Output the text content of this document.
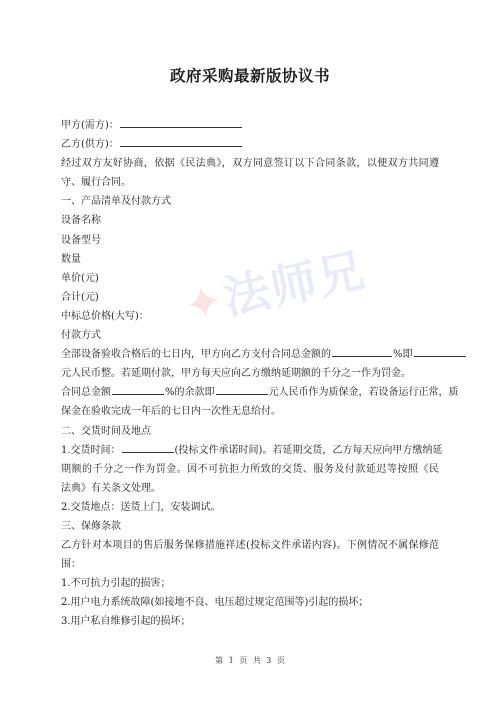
政府采购最新版协议书
甲方(需方)：
乙方(供方)：
经过双方友好协商，依据《民法典》，双方同意签订以下合同条款，以便双方共同遵
守、履行合同。
一、产品清单及付款方式
设备名称
设备型号
数量
单价(元)
合计(元)
中标总价格(大写)：
付款方式
全部设备验收合格后的七日内，甲方向乙方支付合同总金额的	%即
元人民币整。若延期付款，甲方每天应向乙方缴纳延期额的千分之一作为罚金。
合同总金额	%的余款即	元人民币作为质保金，若设备运行正常，质
保金在验收完成一年后的七日内一次性无息给付。
二、交货时间及地点
1.交货时间：	(投标文件承诺时间)。若延期交货，乙方每天应向甲方缴纳延
期额的千分之一作为罚金。因不可抗拒力所致的交货、服务及付款延迟等按照《民
法典》有关条文处理。
2.交货地点：送货上门，安装调试。
三、保修条款
乙方针对本项目的售后服务保修措施祥述(投标文件承诺内容)。下例情况不属保修范
围：
1.不可抗力引起的损害；
2.用户电力系统故障(如接地不良、电压超过规定范围等)引起的损坏；
3.用户私自维修引起的损坏；
✦法师兄
第 1 页 共 3 页
